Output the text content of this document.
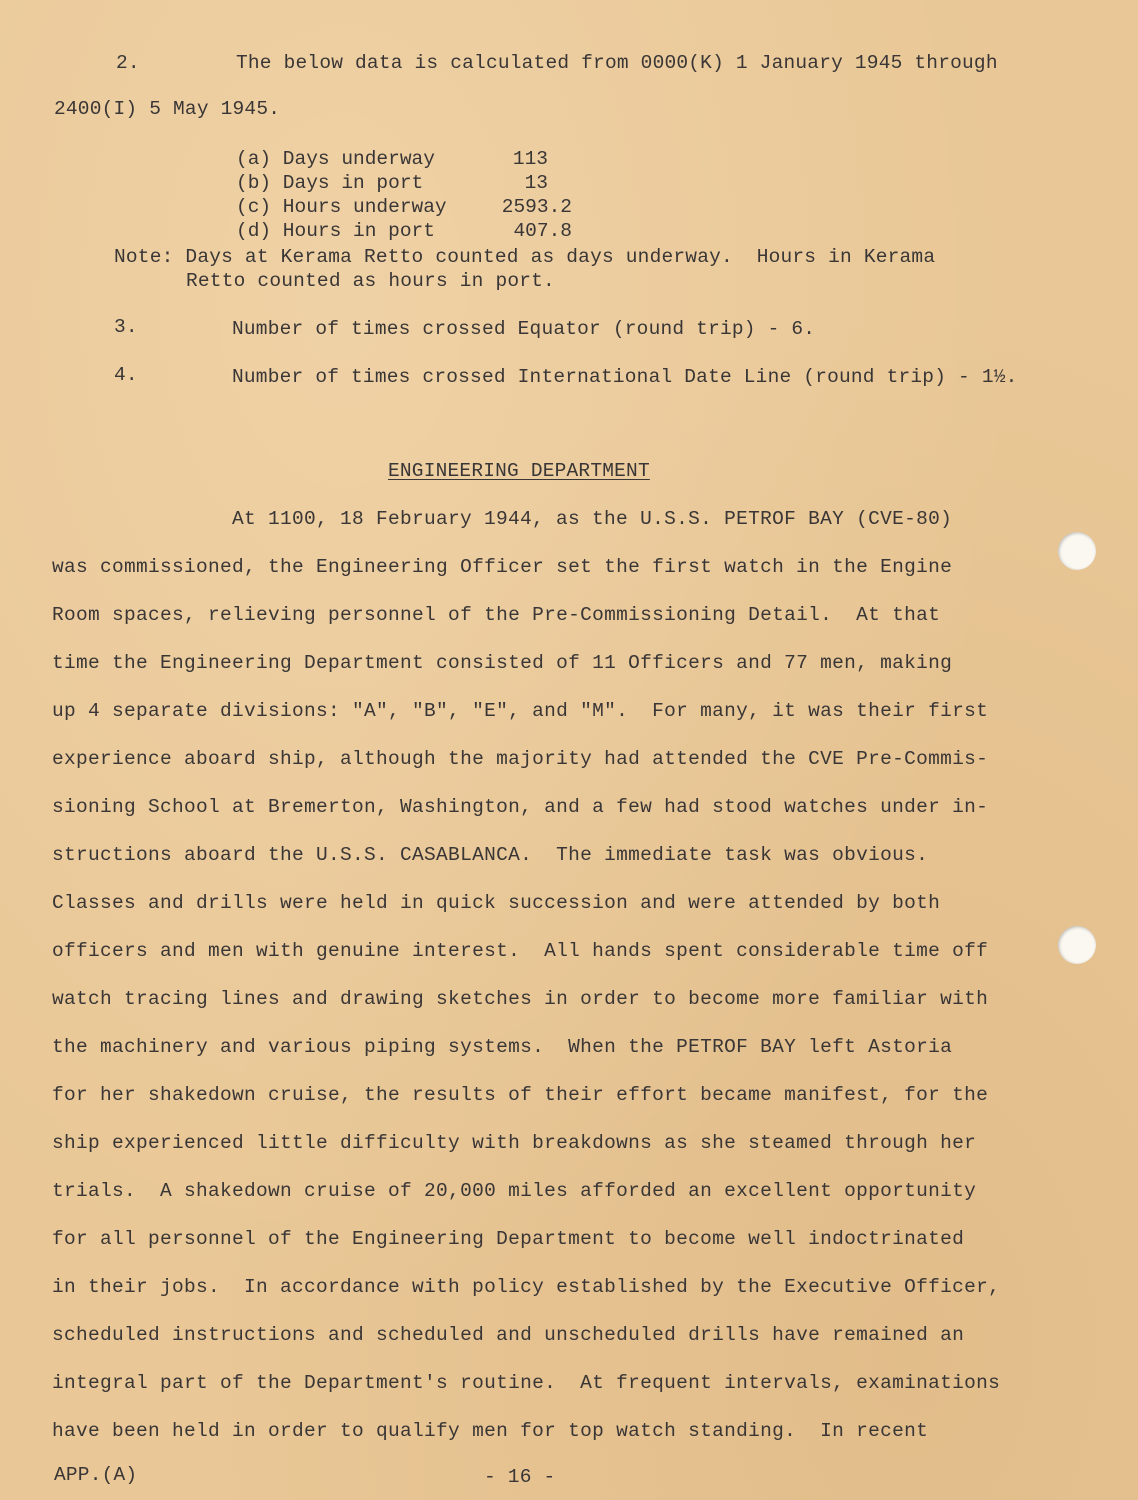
2.	The below data is calculated from 0000(K) 1 January 1945 through
2400(I) 5 May 1945.
(a) Days underway	113
(b) Days in port	13
(c) Hours underway	2593.2
(d) Hours in port	407.8
Note: Days at Kerama Retto counted as days underway.  Hours in Kerama
Retto counted as hours in port.
3.	Number of times crossed Equator (round trip) - 6.
4.	Number of times crossed International Date Line (round trip) - 1½.
ENGINEERING DEPARTMENT
At 1100, 18 February 1944, as the U.S.S. PETROF BAY (CVE-80)
was commissioned, the Engineering Officer set the first watch in the Engine
Room spaces, relieving personnel of the Pre-Commissioning Detail.  At that
time the Engineering Department consisted of 11 Officers and 77 men, making
up 4 separate divisions: "A", "B", "E", and "M".  For many, it was their first
experience aboard ship, although the majority had attended the CVE Pre-Commis-
sioning School at Bremerton, Washington, and a few had stood watches under in-
structions aboard the U.S.S. CASABLANCA.  The immediate task was obvious.
Classes and drills were held in quick succession and were attended by both
officers and men with genuine interest.  All hands spent considerable time off
watch tracing lines and drawing sketches in order to become more familiar with
the machinery and various piping systems.  When the PETROF BAY left Astoria
for her shakedown cruise, the results of their effort became manifest, for the
ship experienced little difficulty with breakdowns as she steamed through her
trials.  A shakedown cruise of 20,000 miles afforded an excellent opportunity
for all personnel of the Engineering Department to become well indoctrinated
in their jobs.  In accordance with policy established by the Executive Officer,
scheduled instructions and scheduled and unscheduled drills have remained an
integral part of the Department's routine.  At frequent intervals, examinations
have been held in order to qualify men for top watch standing.  In recent
APP.(A)	- 16 -
